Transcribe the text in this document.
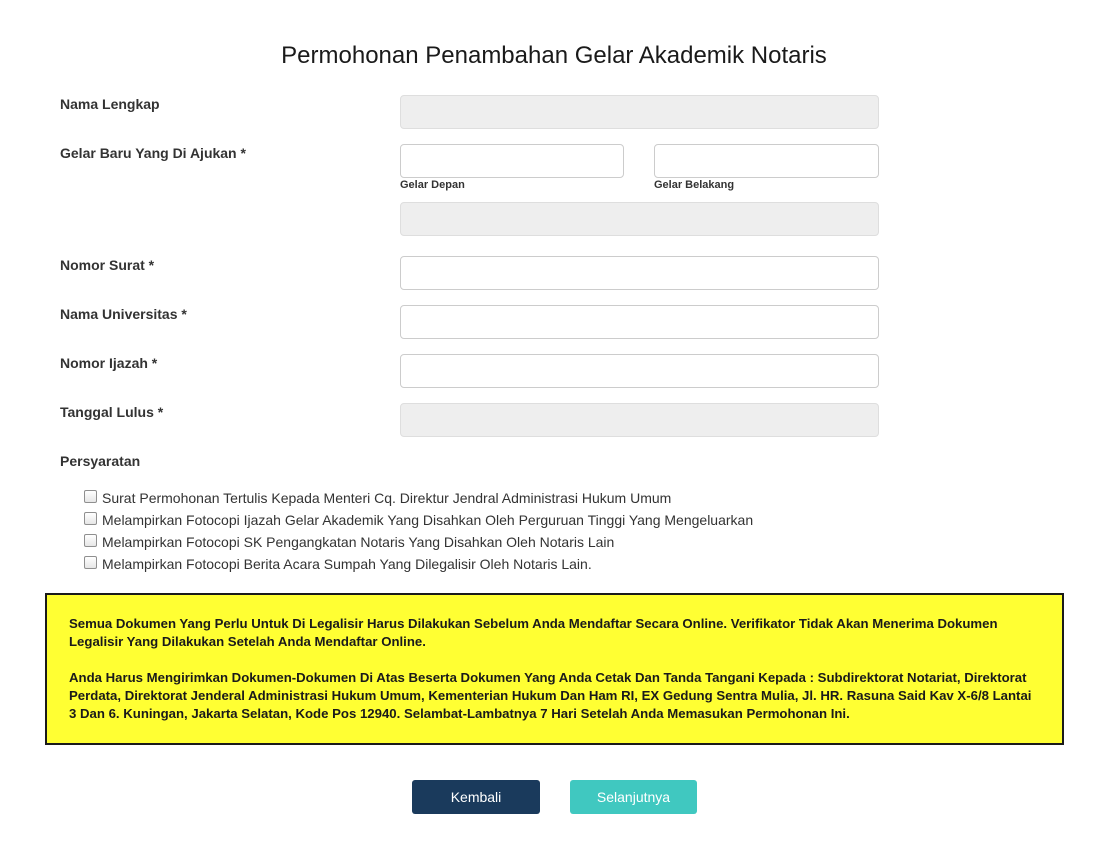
Permohonan Penambahan Gelar Akademik Notaris
Nama Lengkap
Gelar Baru Yang Di Ajukan *
Gelar Depan	Gelar Belakang
Nomor Surat *
Nama Universitas *
Nomor Ijazah *
Tanggal Lulus *
Persyaratan
Surat Permohonan Tertulis Kepada Menteri Cq. Direktur Jendral Administrasi Hukum Umum
Melampirkan Fotocopi Ijazah Gelar Akademik Yang Disahkan Oleh Perguruan Tinggi Yang Mengeluarkan
Melampirkan Fotocopi SK Pengangkatan Notaris Yang Disahkan Oleh Notaris Lain
Melampirkan Fotocopi Berita Acara Sumpah Yang Dilegalisir Oleh Notaris Lain.

Semua Dokumen Yang Perlu Untuk Di Legalisir Harus Dilakukan Sebelum Anda Mendaftar Secara Online. Verifikator Tidak Akan Menerima Dokumen Legalisir Yang Dilakukan Setelah Anda Mendaftar Online.

Anda Harus Mengirimkan Dokumen-Dokumen Di Atas Beserta Dokumen Yang Anda Cetak Dan Tanda Tangani Kepada : Subdirektorat Notariat, Direktorat Perdata, Direktorat Jenderal Administrasi Hukum Umum, Kementerian Hukum Dan Ham RI, EX Gedung Sentra Mulia, Jl. HR. Rasuna Said Kav X-6/8 Lantai 3 Dan 6. Kuningan, Jakarta Selatan, Kode Pos 12940. Selambat-Lambatnya 7 Hari Setelah Anda Memasukan Permohonan Ini.

Kembali	Selanjutnya
